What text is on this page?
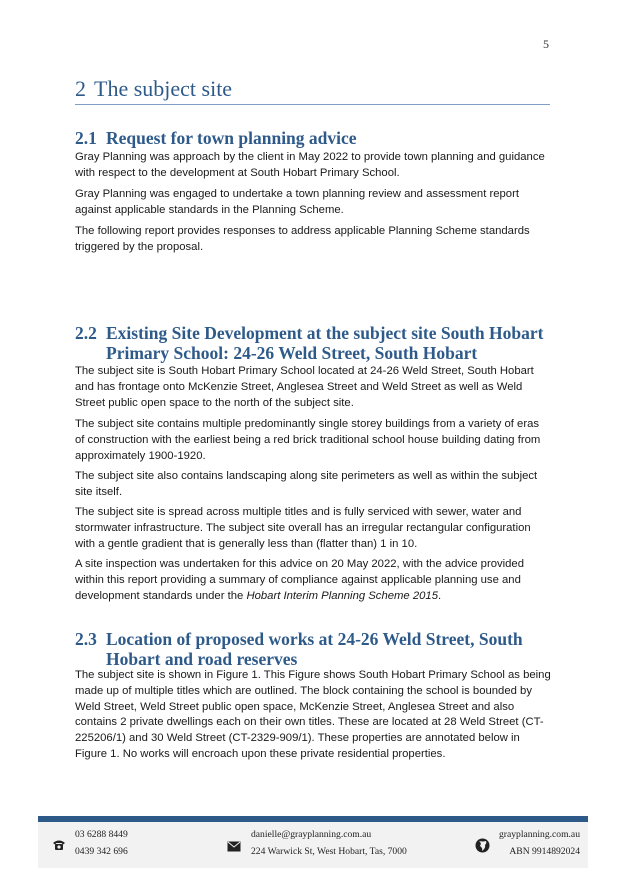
5
2 The subject site
2.1 Request for town planning advice

Gray Planning was approach by the client in May 2022 to provide town planning and guidance with respect to the development at South Hobart Primary School.

Gray Planning was engaged to undertake a town planning review and assessment report against applicable standards in the Planning Scheme.

The following report provides responses to address applicable Planning Scheme standards triggered by the proposal.

2.2 Existing Site Development at the subject site South Hobart
Primary School: 24-26 Weld Street, South Hobart

The subject site is South Hobart Primary School located at 24-26 Weld Street, South Hobart and has frontage onto McKenzie Street, Anglesea Street and Weld Street as well as Weld Street public open space to the north of the subject site.

The subject site contains multiple predominantly single storey buildings from a variety of eras of construction with the earliest being a red brick traditional school house building dating from approximately 1900-1920.

The subject site also contains landscaping along site perimeters as well as within the subject site itself.

The subject site is spread across multiple titles and is fully serviced with sewer, water and stormwater infrastructure. The subject site overall has an irregular rectangular configuration with a gentle gradient that is generally less than (flatter than) 1 in 10.

A site inspection was undertaken for this advice on 20 May 2022, with the advice provided within this report providing a summary of compliance against applicable planning use and development standards under the Hobart Interim Planning Scheme 2015.

2.3 Location of proposed works at 24-26 Weld Street, South
Hobart and road reserves

The subject site is shown in Figure 1. This Figure shows South Hobart Primary School as being made up of multiple titles which are outlined. The block containing the school is bounded by Weld Street, Weld Street public open space, McKenzie Street, Anglesea Street and also contains 2 private dwellings each on their own titles. These are located at 28 Weld Street (CT-225206/1) and 30 Weld Street (CT-2329-909/1). These properties are annotated below in Figure 1. No works will encroach upon these private residential properties.

03 6288 8449
0439 342 696
danielle@grayplanning.com.au
224 Warwick St, West Hobart, Tas, 7000
grayplanning.com.au
ABN 9914892024
